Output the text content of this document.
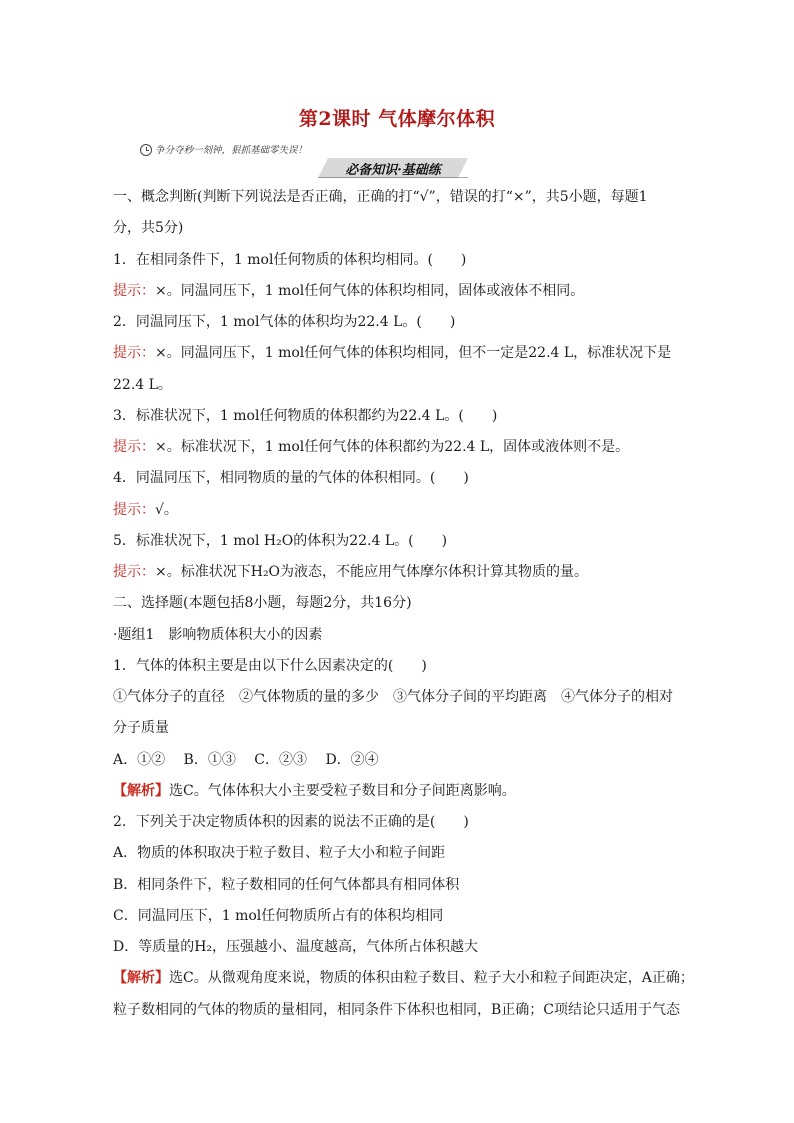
第2课时 气体摩尔体积
争分夺秒一刻钟，狠抓基础零失误！
必备知识·基础练
一、概念判断(判断下列说法是否正确，正确的打“√”，错误的打“×”，共5小题，每题1
分，共5分)
1．在相同条件下，1 mol任何物质的体积均相同。(　　)
提示：×。同温同压下，1 mol任何气体的体积均相同，固体或液体不相同。
2．同温同压下，1 mol气体的体积均为22.4 L。(　　)
提示：×。同温同压下，1 mol任何气体的体积均相同，但不一定是22.4 L，标准状况下是
22.4 L。
3．标准状况下，1 mol任何物质的体积都约为22.4 L。(　　)
提示：×。标准状况下，1 mol任何气体的体积都约为22.4 L，固体或液体则不是。
4．同温同压下，相同物质的量的气体的体积相同。(　　)
提示：√。
5．标准状况下，1 mol H₂O的体积为22.4 L。(　　)
提示：×。标准状况下H₂O为液态，不能应用气体摩尔体积计算其物质的量。
二、选择题(本题包括8小题，每题2分，共16分)
·题组1　影响物质体积大小的因素
1．气体的体积主要是由以下什么因素决定的(　　)
①气体分子的直径　②气体物质的量的多少　③气体分子间的平均距离　④气体分子的相对
分子质量
A．①②　 B．①③　 C．②③　 D．②④
【解析】选C。气体体积大小主要受粒子数目和分子间距离影响。
2．下列关于决定物质体积的因素的说法不正确的是(　　)
A．物质的体积取决于粒子数目、粒子大小和粒子间距
B．相同条件下，粒子数相同的任何气体都具有相同体积
C．同温同压下，1 mol任何物质所占有的体积均相同
D．等质量的H₂，压强越小、温度越高，气体所占体积越大
【解析】选C。从微观角度来说，物质的体积由粒子数目、粒子大小和粒子间距决定，A正确；
粒子数相同的气体的物质的量相同，相同条件下体积也相同，B正确；C项结论只适用于气态
